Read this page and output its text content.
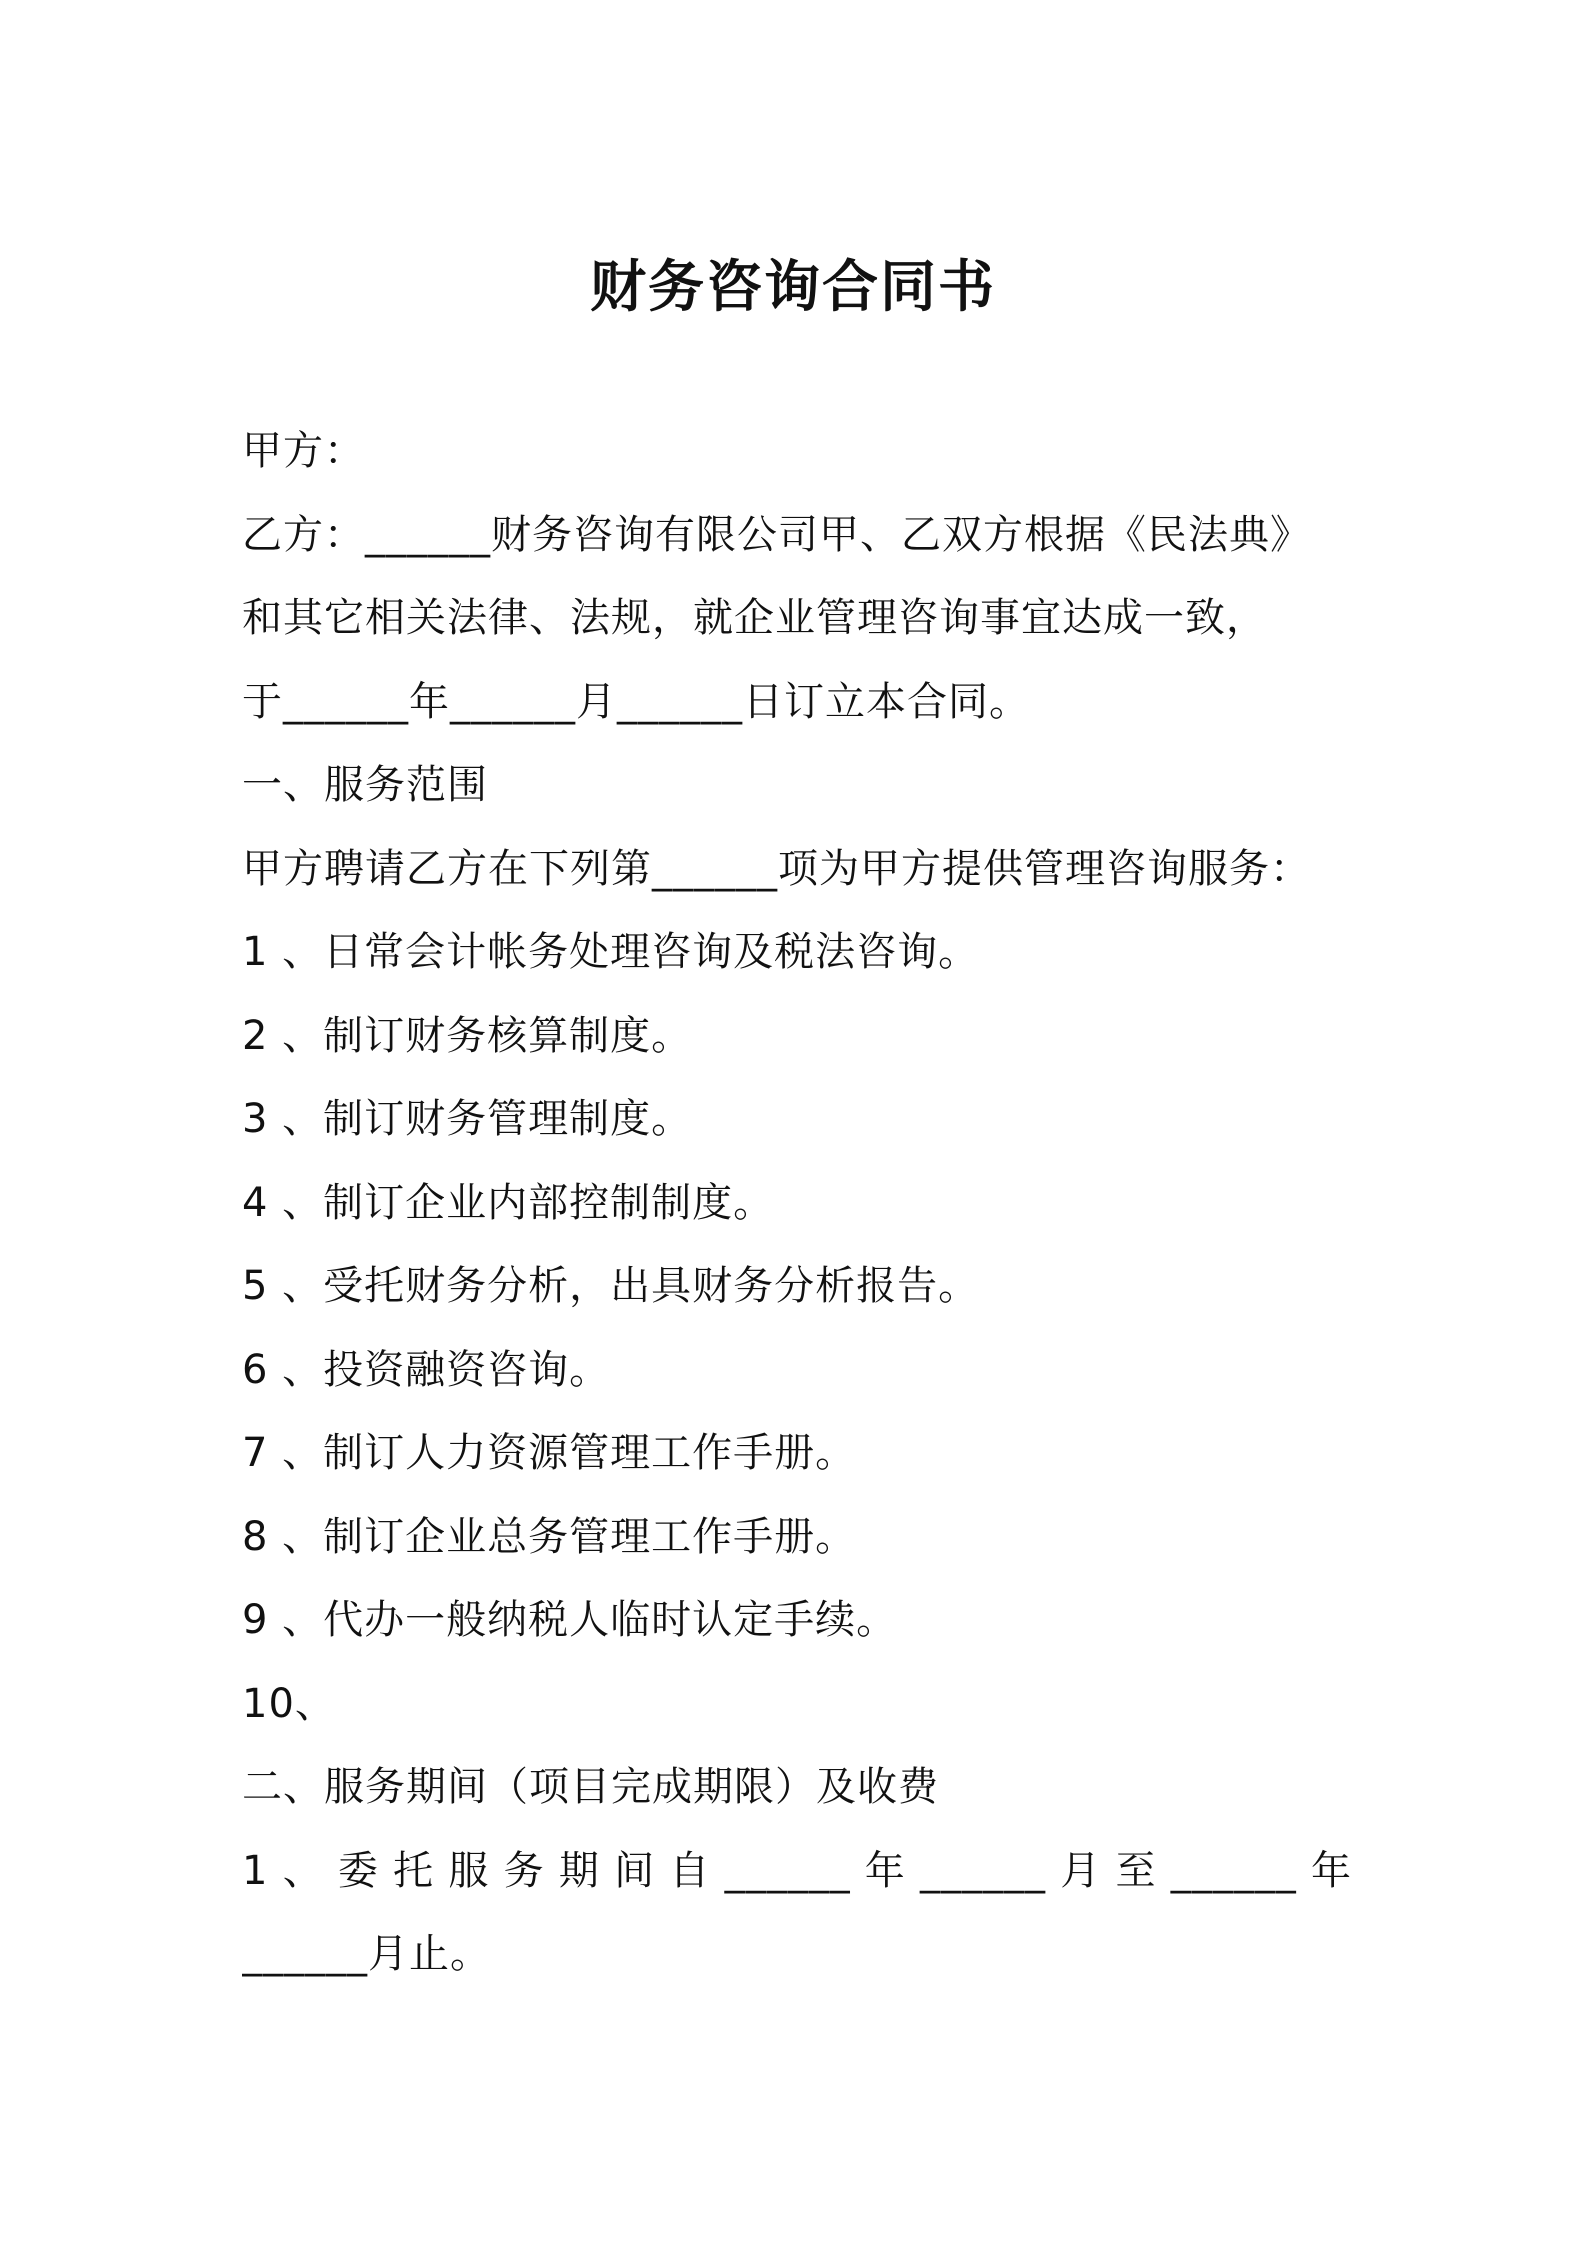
财务咨询合同书
甲方：
乙方：______财务咨询有限公司甲、乙双方根据《民法典》
和其它相关法律、法规，就企业管理咨询事宜达成一致，
于______年______月______日订立本合同。
一、服务范围
甲方聘请乙方在下列第______项为甲方提供管理咨询服务：
1 、日常会计帐务处理咨询及税法咨询。
2 、制订财务核算制度。
3 、制订财务管理制度。
4 、制订企业内部控制制度。
5 、受托财务分析，出具财务分析报告。
6 、投资融资咨询。
7 、制订人力资源管理工作手册。
8 、制订企业总务管理工作手册。
9 、代办一般纳税人临时认定手续。
10、
二、服务期间（项目完成期限）及收费
1 、 委 托 服 务 期 间 自 ______ 年 ______ 月 至 ______ 年
______月止。
